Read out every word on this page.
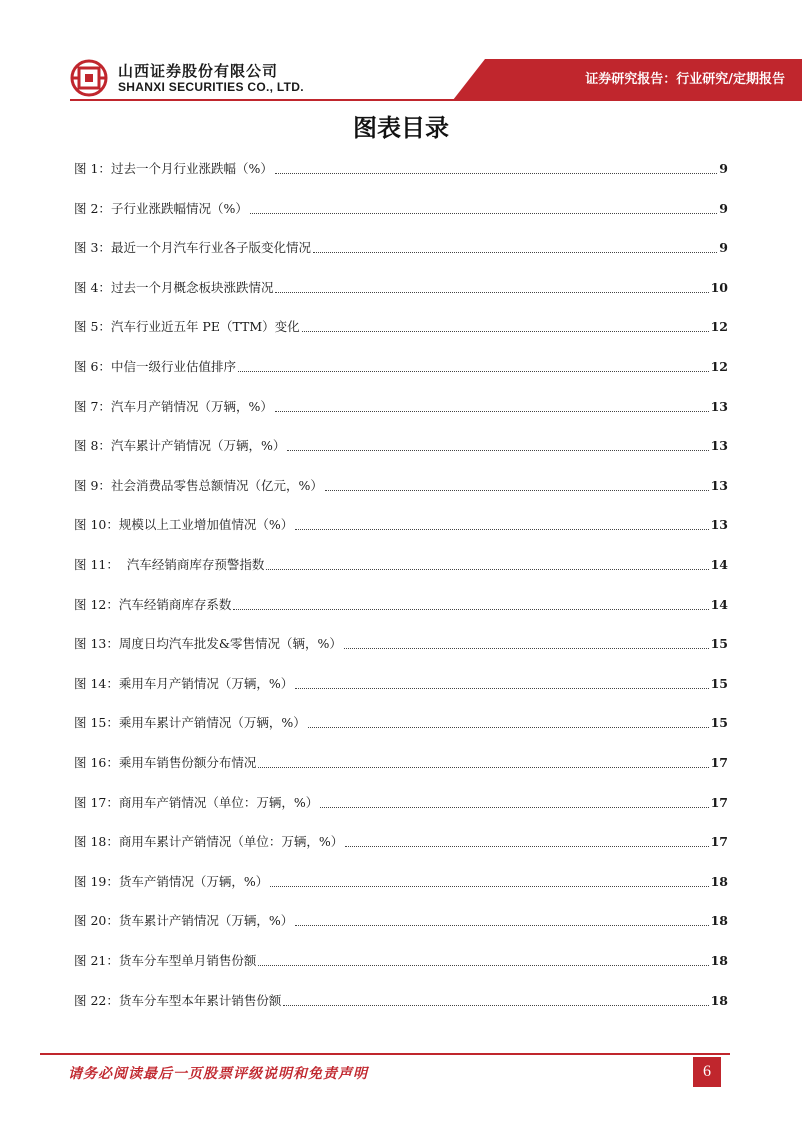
山西证券股份有限公司
SHANXI SECURITIES CO., LTD.	证券研究报告：行业研究/定期报告
图表目录
图 1： 过去一个月行业涨跌幅（%）	9
图 2： 子行业涨跌幅情况（%）	9
图 3： 最近一个月汽车行业各子版变化情况	9
图 4： 过去一个月概念板块涨跌情况	10
图 5： 汽车行业近五年 PE（TTM）变化	12
图 6： 中信一级行业估值排序	12
图 7： 汽车月产销情况（万辆，%）	13
图 8： 汽车累计产销情况（万辆，%）	13
图 9： 社会消费品零售总额情况（亿元，%）	13
图 10： 规模以上工业增加值情况（%）	13
图 11： 汽车经销商库存预警指数	14
图 12： 汽车经销商库存系数	14
图 13： 周度日均汽车批发&零售情况（辆，%）	15
图 14： 乘用车月产销情况（万辆，%）	15
图 15： 乘用车累计产销情况（万辆，%）	15
图 16： 乘用车销售份额分布情况	17
图 17： 商用车产销情况（单位：万辆，%）	17
图 18： 商用车累计产销情况（单位：万辆，%）	17
图 19： 货车产销情况（万辆，%）	18
图 20： 货车累计产销情况（万辆，%）	18
图 21： 货车分车型单月销售份额	18
图 22： 货车分车型本年累计销售份额	18
请务必阅读最后一页股票评级说明和免责声明	6
